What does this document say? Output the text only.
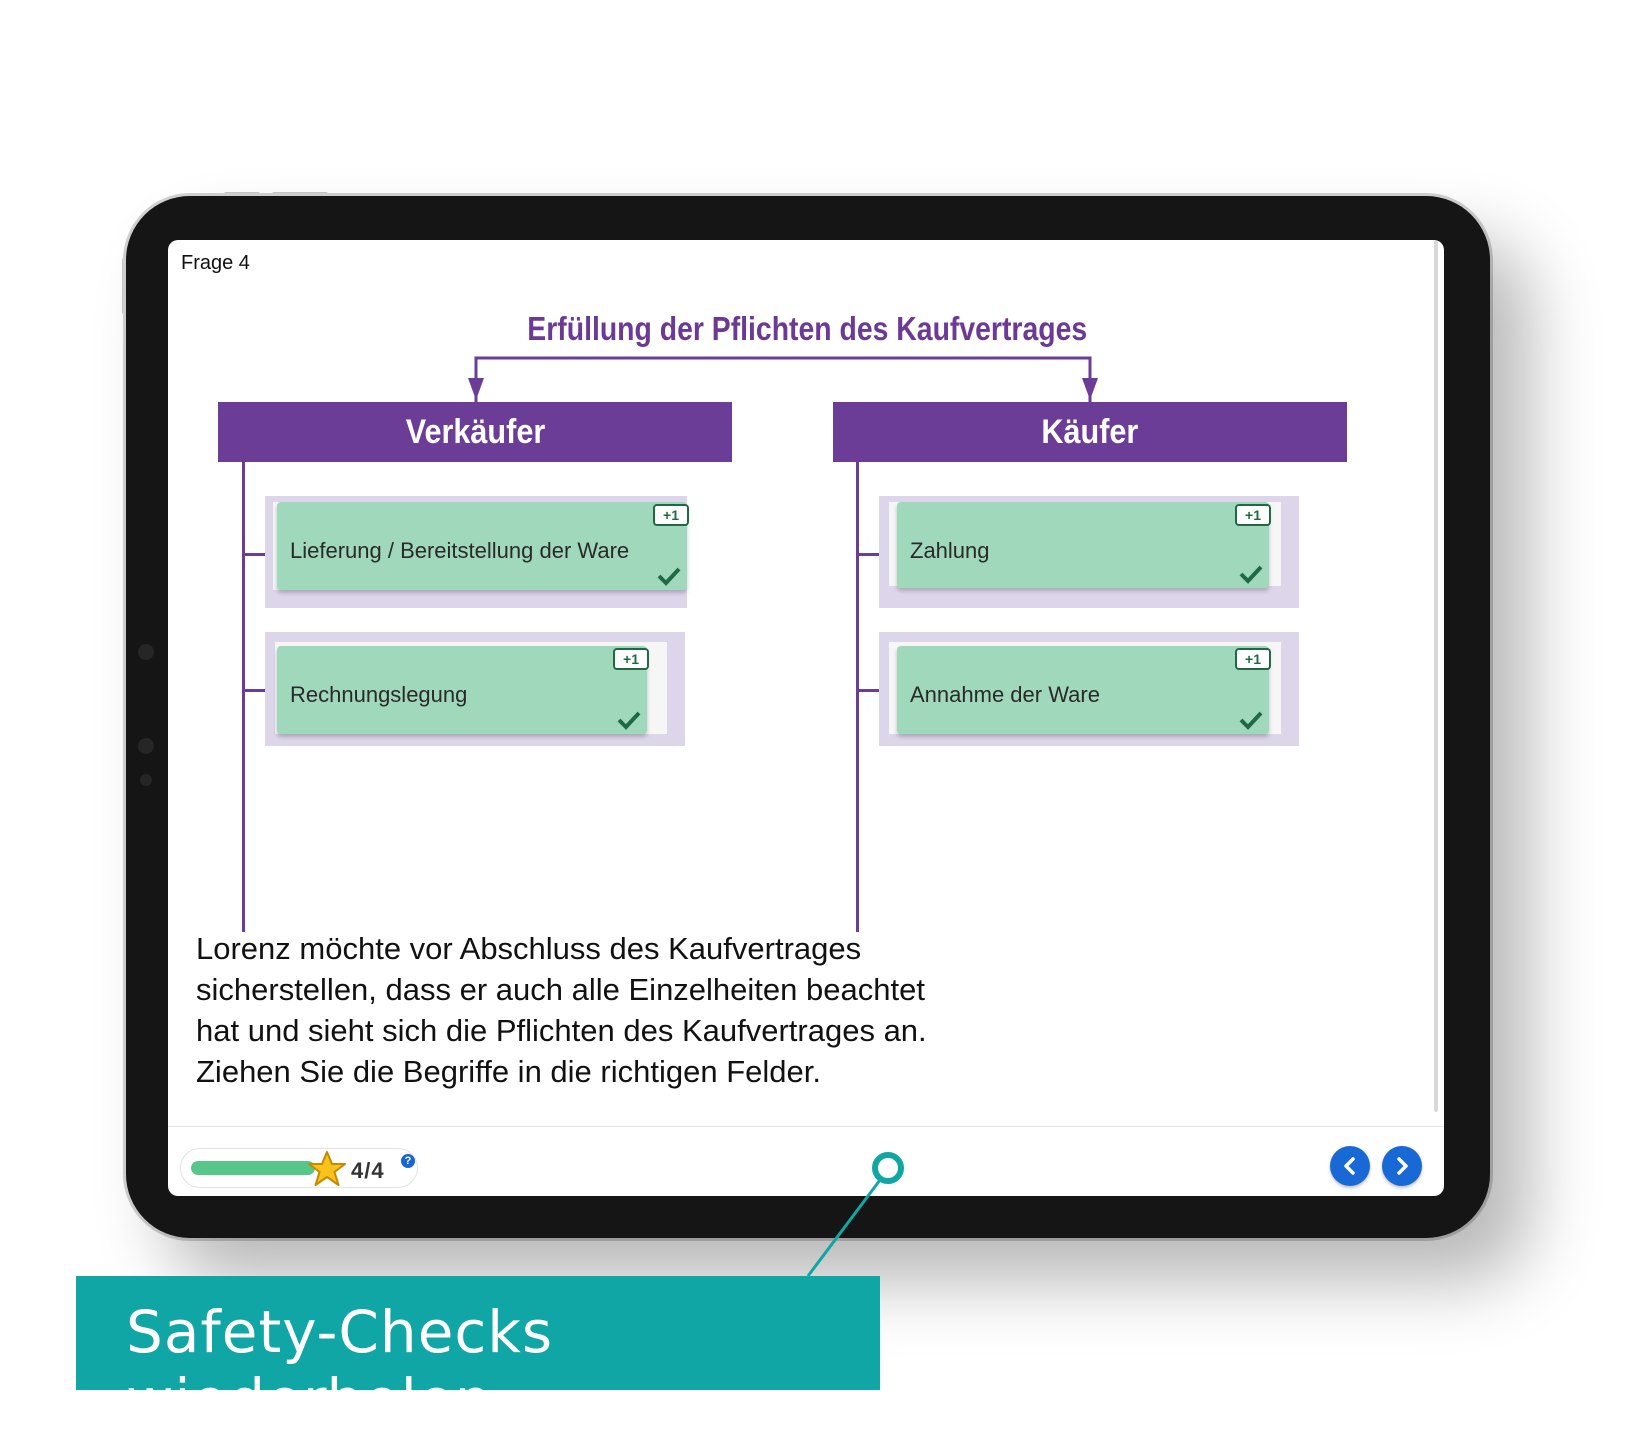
Frage 4
Erfüllung der Pflichten des Kaufvertrages
Verkäufer	Käufer
Lieferung / Bereitstellung der Ware
+1
Rechnungslegung
+1
Zahlung
+1
Annahme der Ware
+1
Lorenz möchte vor Abschluss des Kaufvertrages
sicherstellen, dass er auch alle Einzelheiten beachtet
hat und sieht sich die Pflichten des Kaufvertrages an.
Ziehen Sie die Begriffe in die richtigen Felder.
4/4	?
Safety-Checks wiederholen
